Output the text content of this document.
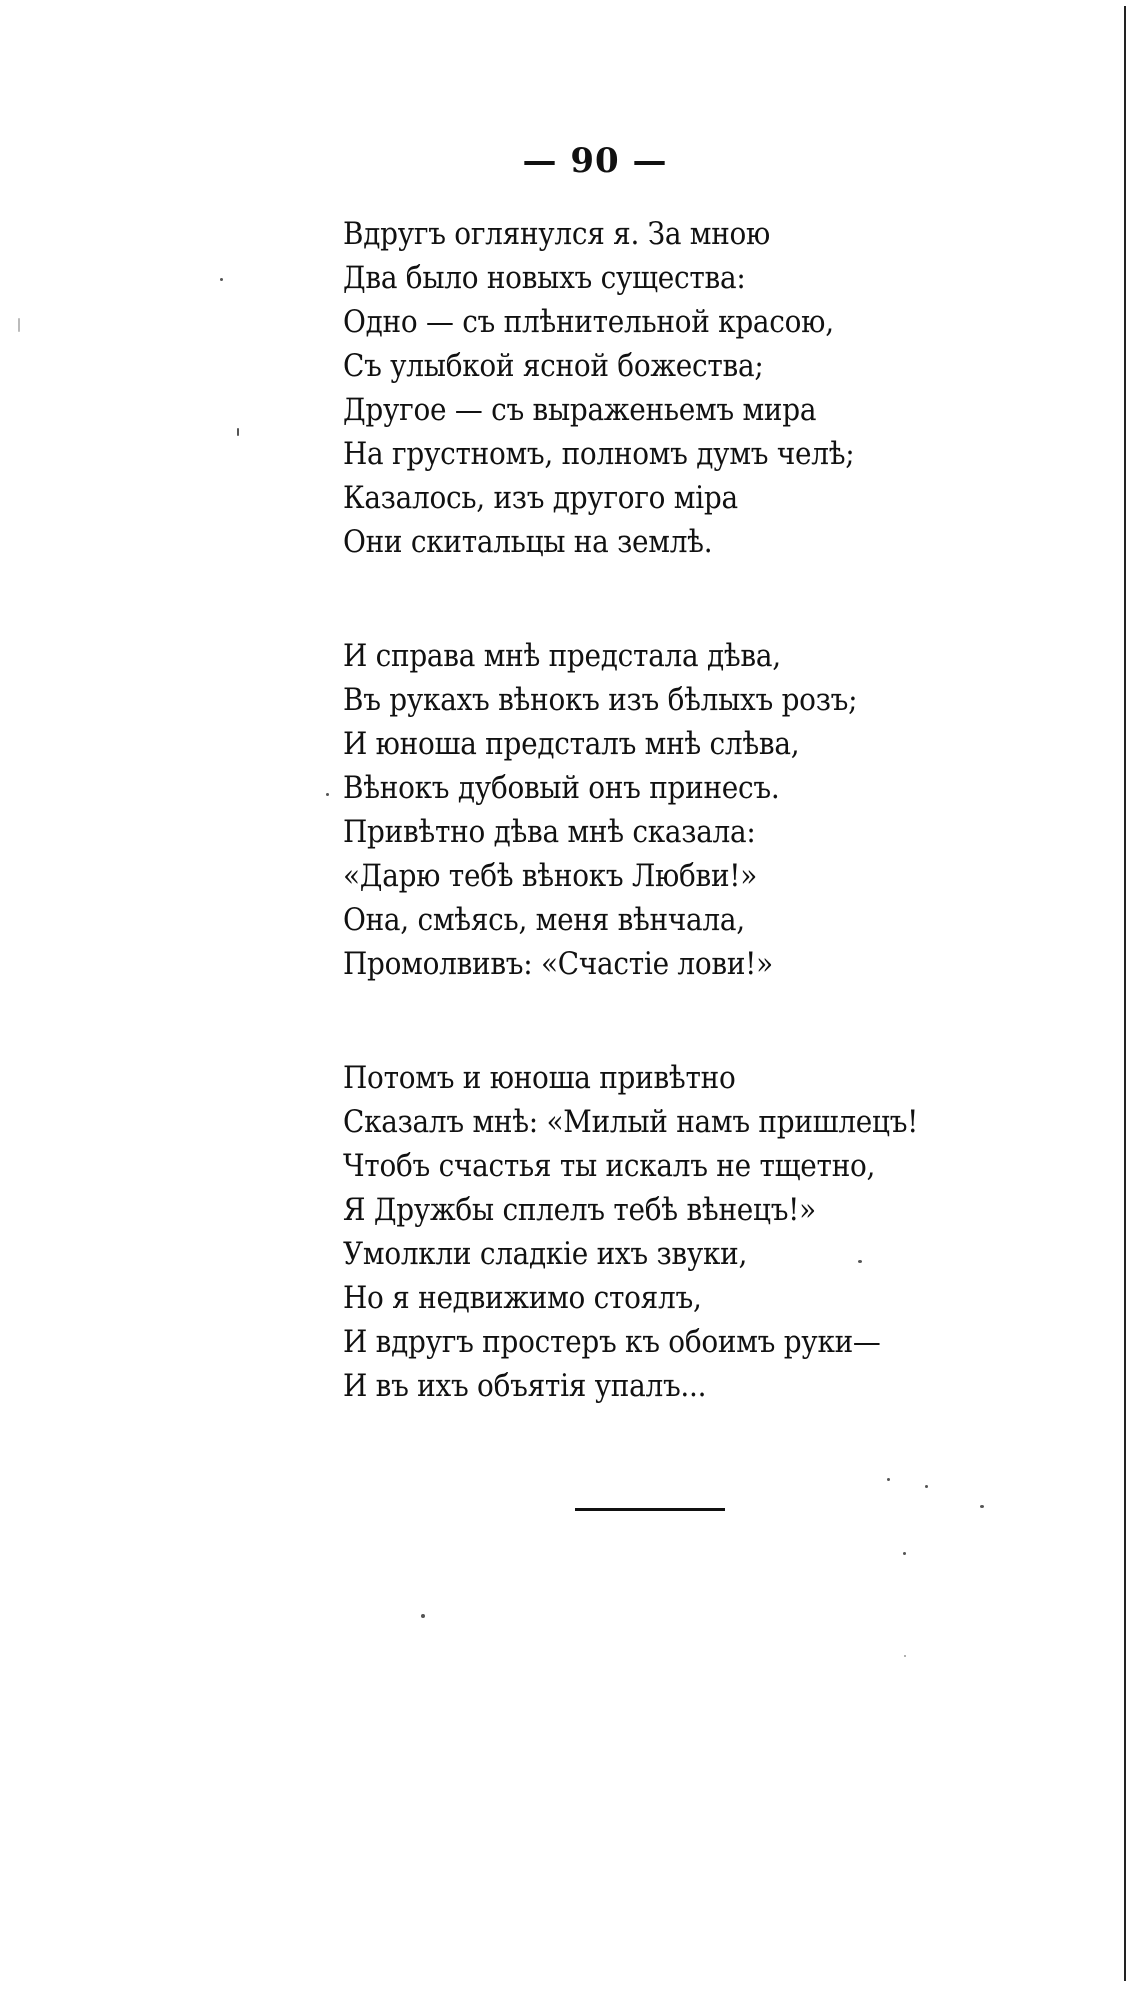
— 90 —
Вдругъ оглянулся я. За мною
Два было новыхъ существа:
Одно — съ плѣнительной красою,
Съ улыбкой ясной божества;
Другое — съ выраженьемъ мира
На грустномъ, полномъ думъ челѣ;
Казалось, изъ другого міра
Они скитальцы на землѣ.
И справа мнѣ предстала дѣва,
Въ рукахъ вѣнокъ изъ бѣлыхъ розъ;
И юноша предсталъ мнѣ слѣва,
Вѣнокъ дубовый онъ принесъ.
Привѣтно дѣва мнѣ сказала:
«Дарю тебѣ вѣнокъ Любви!»
Она, смѣясь, меня вѣнчала,
Промолвивъ: «Счастіе лови!»
Потомъ и юноша привѣтно
Сказалъ мнѣ: «Милый намъ пришлецъ!
Чтобъ счастья ты искалъ не тщетно,
Я Дружбы сплелъ тебѣ вѣнецъ!»
Умолкли сладкіе ихъ звуки,
Но я недвижимо стоялъ,
И вдругъ простеръ къ обоимъ руки—
И въ ихъ объятія упалъ...
